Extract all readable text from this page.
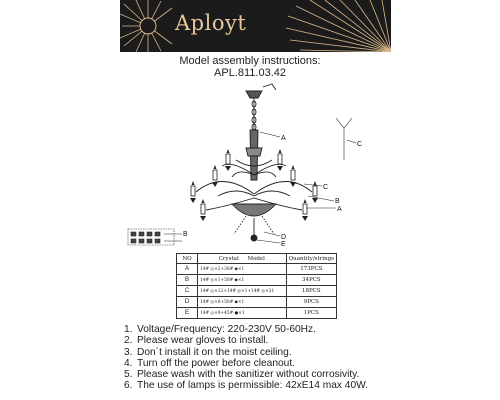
Aployt
Model assembly instructions:
APL.811.03.42
A
C
B
A
D
E
C
B
NO	Crystal Model	Quantity/strings
A	14# ◎×2+38# ◆×1	173PCS
B	14# ◎×1+50# ◆×1	34PCS
C	14# ◎×12+14# ◎×1+14# ◎×31	18PCS
D	14# ◎×6+50# ◆×1	9PCS
E	14# ◎×9+45# ●×1	1PCS
1. Voltage/Frequency: 220-230V 50-60Hz.
2. Please wear gloves to install.
3. Don´t install it on the moist ceiling.
4. Turn off the power before cleanout.
5. Please wash with the sanitizer without corrosivity.
6. The use of lamps is permissible: 42xE14 max 40W.
